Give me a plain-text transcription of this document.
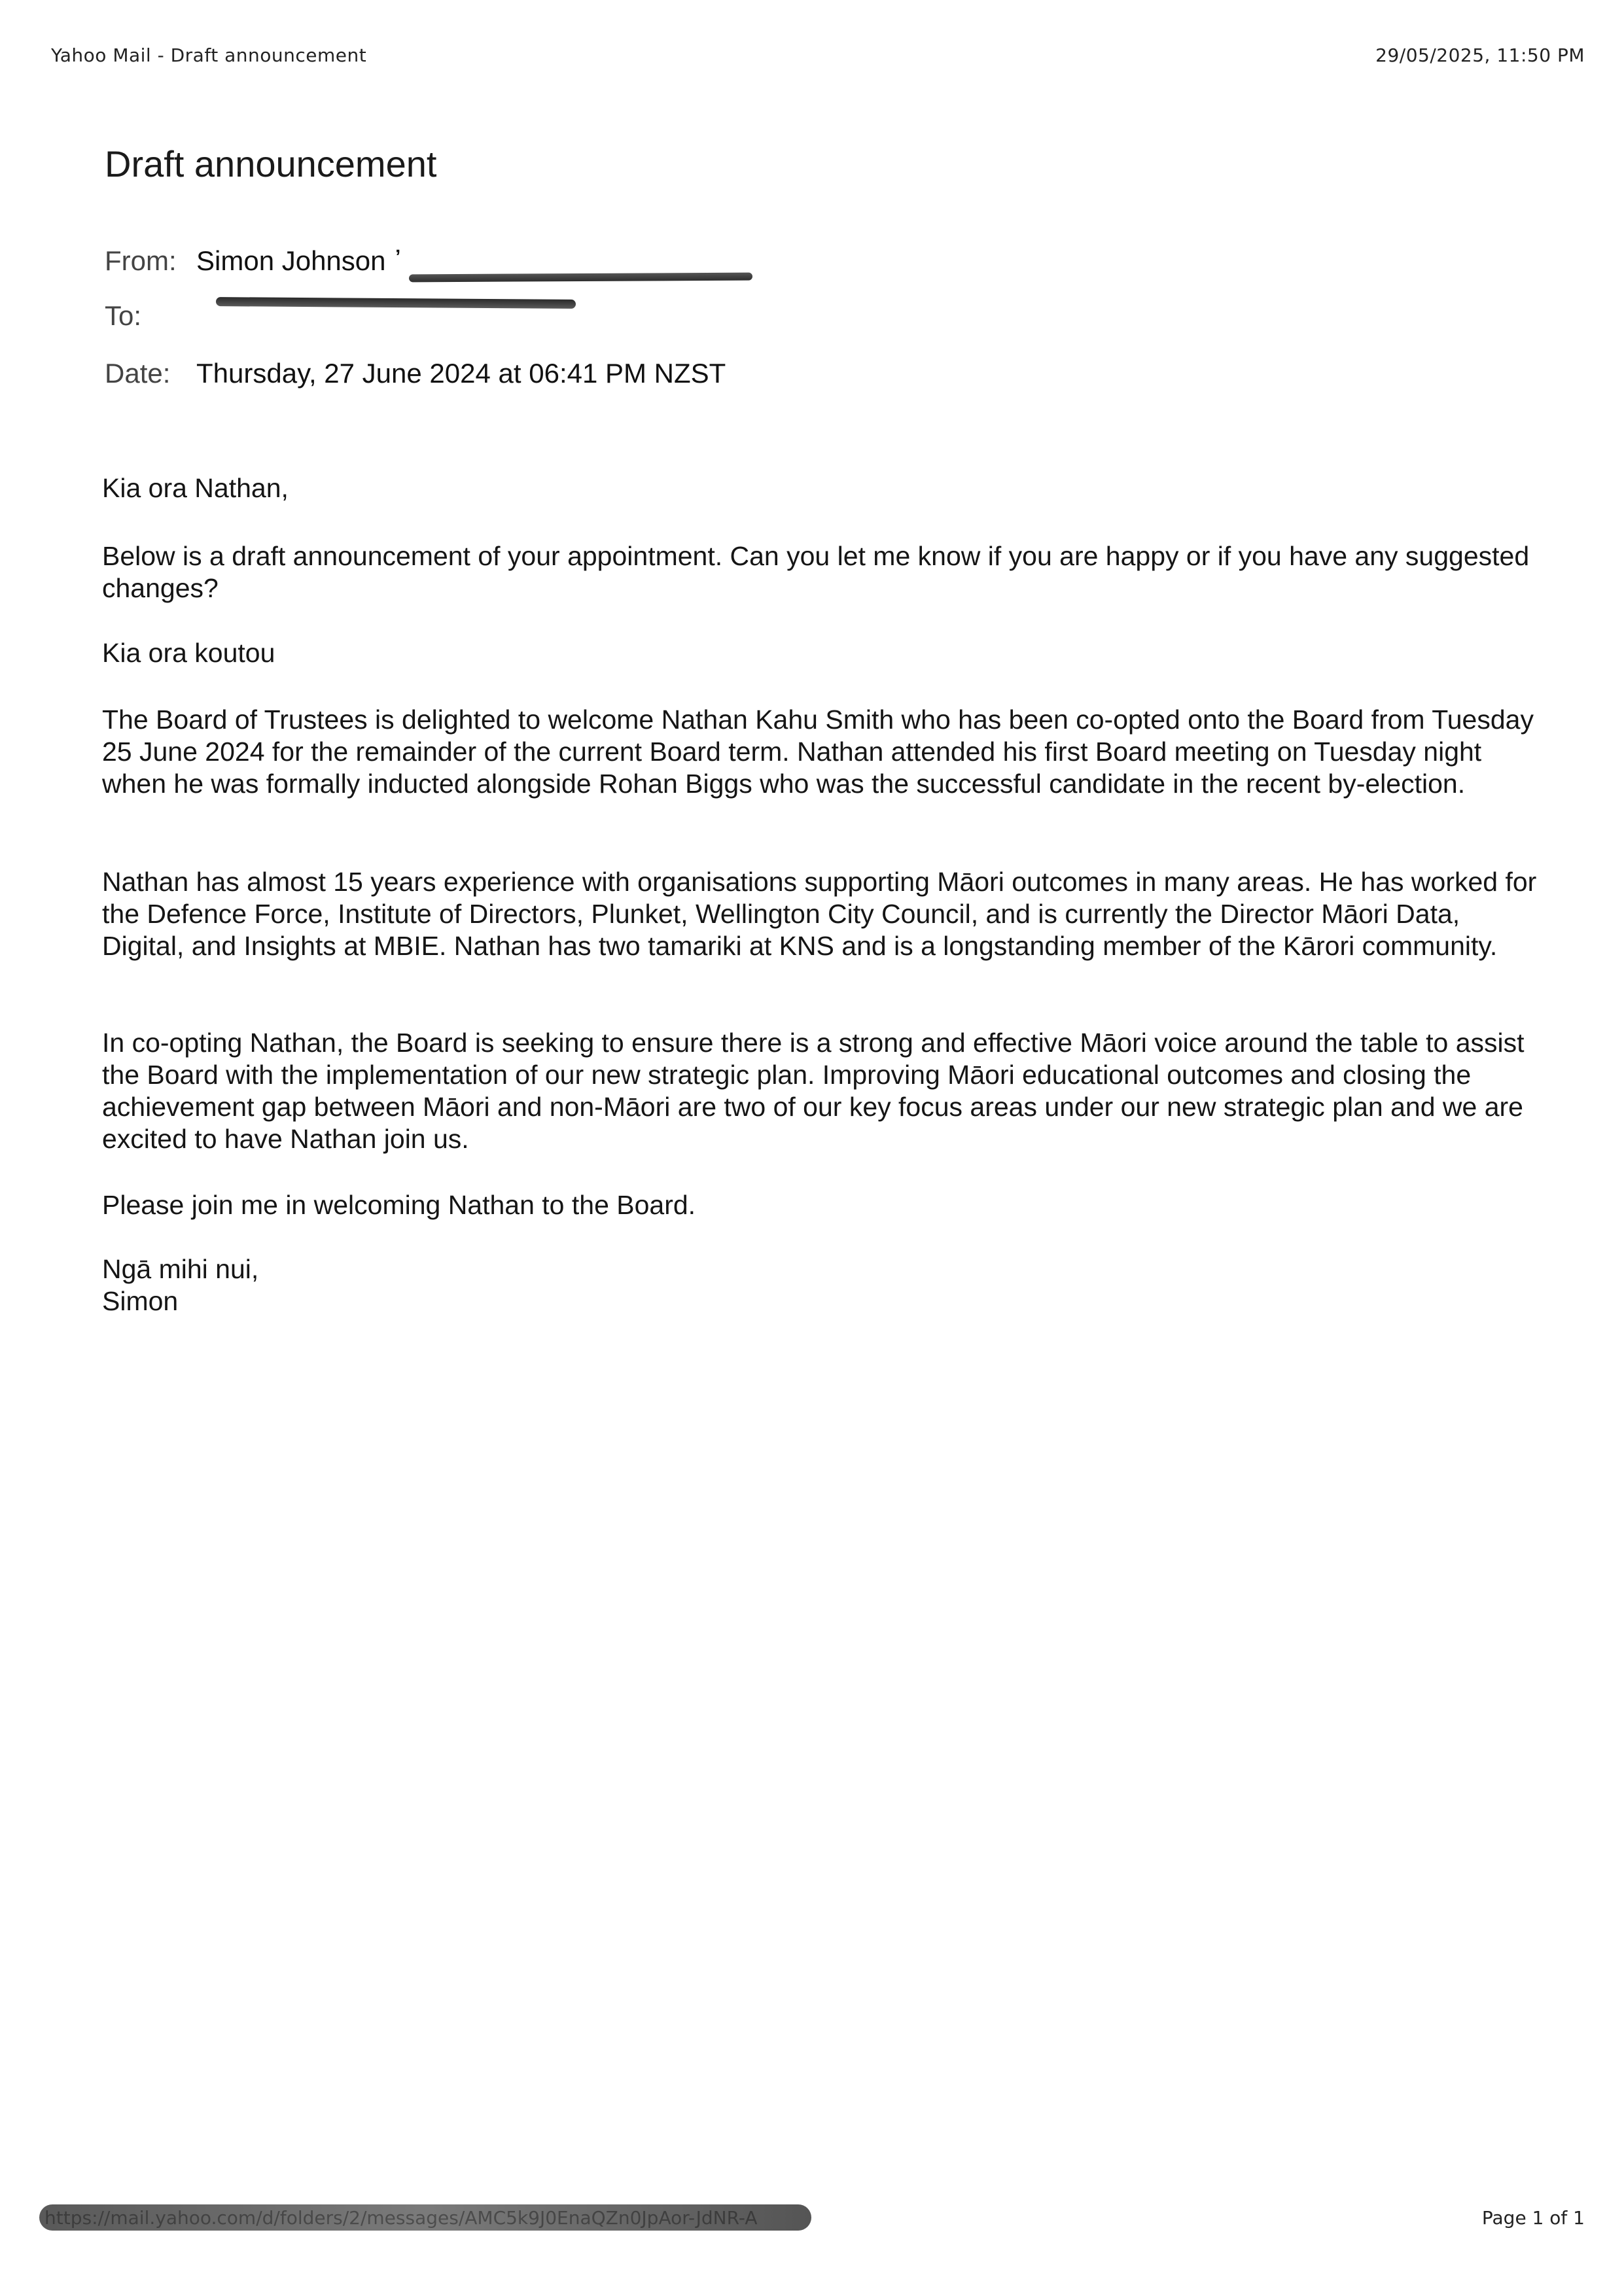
Yahoo Mail - Draft announcement	29/05/2025, 11:50 PM
Draft announcement
From: Simon Johnson ʼ
To:
Date: Thursday, 27 June 2024 at 06:41 PM NZST
Kia ora Nathan,
Below is a draft announcement of your appointment. Can you let me know if you are happy or if you have any suggested changes?
Kia ora koutou
The Board of Trustees is delighted to welcome Nathan Kahu Smith who has been co-opted onto the Board from Tuesday 25 June 2024 for the remainder of the current Board term. Nathan attended his first Board meeting on Tuesday night when he was formally inducted alongside Rohan Biggs who was the successful candidate in the recent by-election.
Nathan has almost 15 years experience with organisations supporting Māori outcomes in many areas. He has worked for the Defence Force, Institute of Directors, Plunket, Wellington City Council, and is currently the Director Māori Data, Digital, and Insights at MBIE. Nathan has two tamariki at KNS and is a longstanding member of the Kārori community.
In co-opting Nathan, the Board is seeking to ensure there is a strong and effective Māori voice around the table to assist the Board with the implementation of our new strategic plan. Improving Māori educational outcomes and closing the achievement gap between Māori and non-Māori are two of our key focus areas under our new strategic plan and we are excited to have Nathan join us.
Please join me in welcoming Nathan to the Board.
Ngā mihi nui,
Simon
Page 1 of 1
